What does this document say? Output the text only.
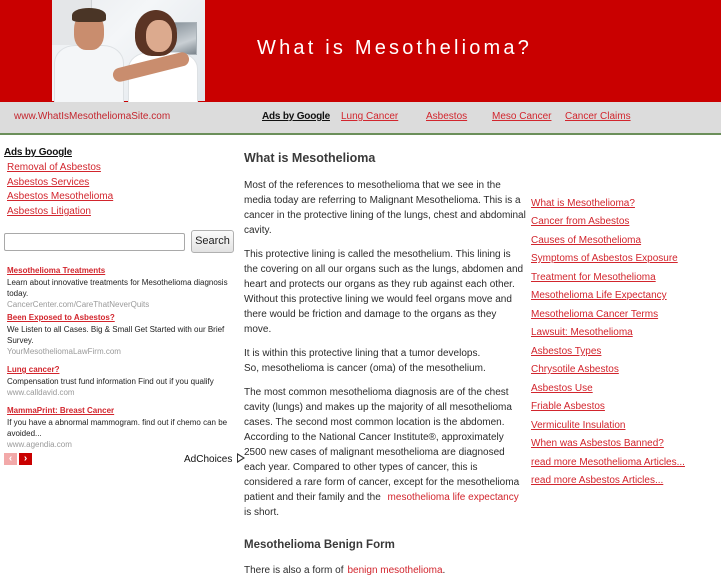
What is Mesothelioma?
www.WhatIsMesotheliomaSite.com	Ads by Google Lung Cancer	Asbestos Meso Cancer Cancer Claims
Ads by Google
Removal of Asbestos
Asbestos Services
Asbestos Mesothelioma
Asbestos Litigation
Search
Mesothelioma Treatments
Learn about innovative treatments for Mesothelioma diagnosis today.
CancerCenter.com/CareThatNeverQuits
Been Exposed to Asbestos?
We Listen to all Cases. Big & Small Get Started with our Brief Survey.
YourMesotheliomaLawFirm.com
Lung cancer?
Compensation trust fund information Find out if you qualify
www.calldavid.com
MammaPrint: Breast Cancer
If you have a abnormal mammogram. find out if chemo can be avoided...
www.agendia.com
‹	›	AdChoices
What is Mesothelioma

Most of the references to mesothelioma that we see in the media today are referring to Malignant Mesothelioma. This is a cancer in the protective lining of the lungs, chest and abdominal cavity.

This protective lining is called the mesothelium. This lining is the covering on all our organs such as the lungs, abdomen and heart and protects our organs as they rub against each other. Without this protective lining we would feel organs move and there would be friction and damage to the organs as they move.

It is within this protective lining that a tumor develops.
So, mesothelioma is cancer (oma) of the mesothelium.

The most common mesothelioma diagnosis are of the chest cavity (lungs) and makes up the majority of all mesothelioma cases. The second most common location is the abdomen. According to the National Cancer Institute®, approximately 2500 new cases of malignant mesothelioma are diagnosed each year. Compared to other types of cancer, this is considered a rare form of cancer, except for the mesothelioma patient and their family and the mesothelioma life expectancy is short.

Mesothelioma Benign Form

There is also a form of benign mesothelioma.

What is Mesothelioma?
Cancer from Asbestos
Causes of Mesothelioma
Symptoms of Asbestos Exposure
Treatment for Mesothelioma
Mesothelioma Life Expectancy
Mesothelioma Cancer Terms
Lawsuit: Mesothelioma
Asbestos Types
Chrysotile Asbestos
Asbestos Use
Friable Asbestos
Vermiculite Insulation
When was Asbestos Banned?
read more Mesothelioma Articles...
read more Asbestos Articles...
